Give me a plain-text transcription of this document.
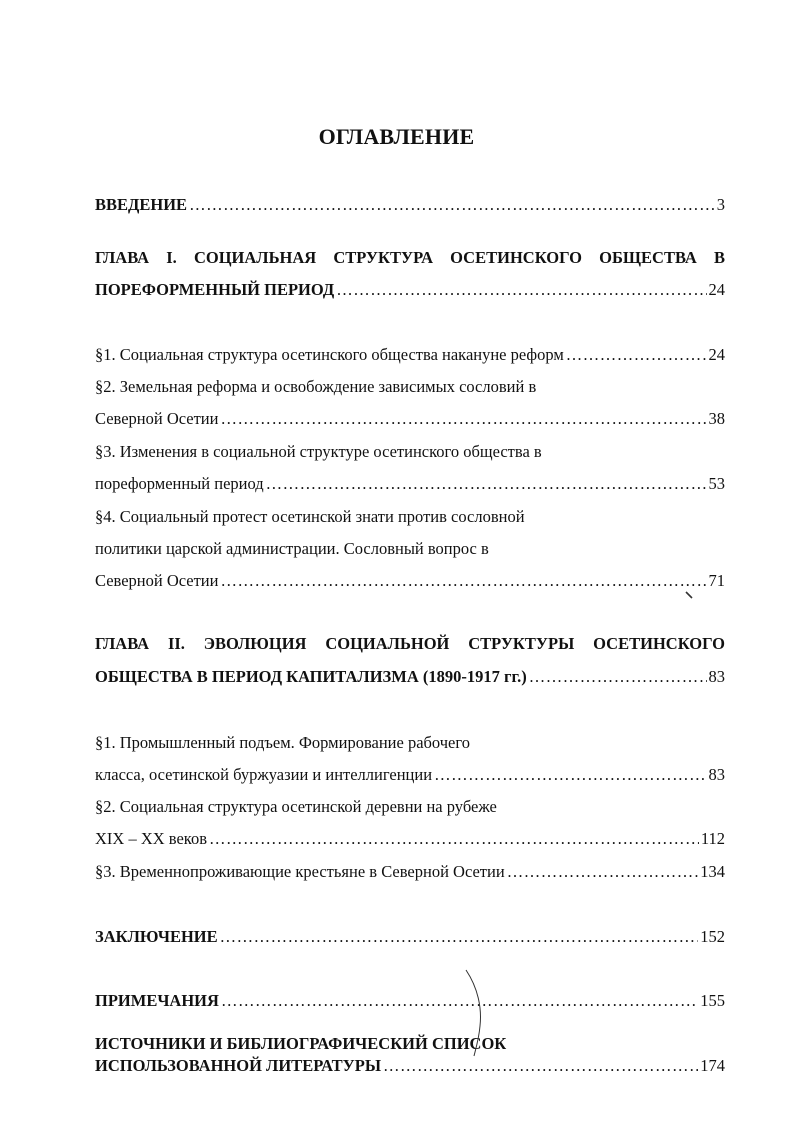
ОГЛАВЛЕНИЕ
ВВЕДЕНИЕ ……………………………………………………………………………………………………………………………………………………………………………	3
ГЛАВА I. СОЦИАЛЬНАЯ СТРУКТУРА ОСЕТИНСКОГО ОБЩЕСТВА В
ПОРЕФОРМЕННЫЙ ПЕРИОД ……………………………………………………………………………………………………………………………………………………………………………	24
§1. Социальная структура осетинского общества накануне реформ ……………………………………………………………………………………………………………………………………………………………………………	24
§2. Земельная реформа и освобождение зависимых сословий в
Северной Осетии ……………………………………………………………………………………………………………………………………………………………………………	38
§3. Изменения в социальной структуре осетинского общества в
пореформенный период ……………………………………………………………………………………………………………………………………………………………………………	53
§4. Социальный протест осетинской знати против сословной
политики царской администрации. Сословный вопрос в
Северной Осетии ……………………………………………………………………………………………………………………………………………………………………………	71
ГЛАВА II. ЭВОЛЮЦИЯ СОЦИАЛЬНОЙ СТРУКТУРЫ ОСЕТИНСКОГО
ОБЩЕСТВА В ПЕРИОД КАПИТАЛИЗМА (1890-1917 гг.) ……………………………………………………………………………………………………………………………………………………………………………	83
§1. Промышленный подъем. Формирование рабочего
класса, осетинской буржуазии и интеллигенции ……………………………………………………………………………………………………………………………………………………………………………	83
§2. Социальная структура осетинской деревни на рубеже
XIX – XX веков ……………………………………………………………………………………………………………………………………………………………………………	112
§3. Временнопроживающие крестьяне в Северной Осетии ……………………………………………………………………………………………………………………………………………………………………………	134
ЗАКЛЮЧЕНИЕ ……………………………………………………………………………………………………………………………………………………………………………	152
ПРИМЕЧАНИЯ ……………………………………………………………………………………………………………………………………………………………………………	155
ИСТОЧНИКИ И БИБЛИОГРАФИЧЕСКИЙ СПИСОК
ИСПОЛЬЗОВАННОЙ ЛИТЕРАТУРЫ ……………………………………………………………………………………………………………………………………………………………………………	174
